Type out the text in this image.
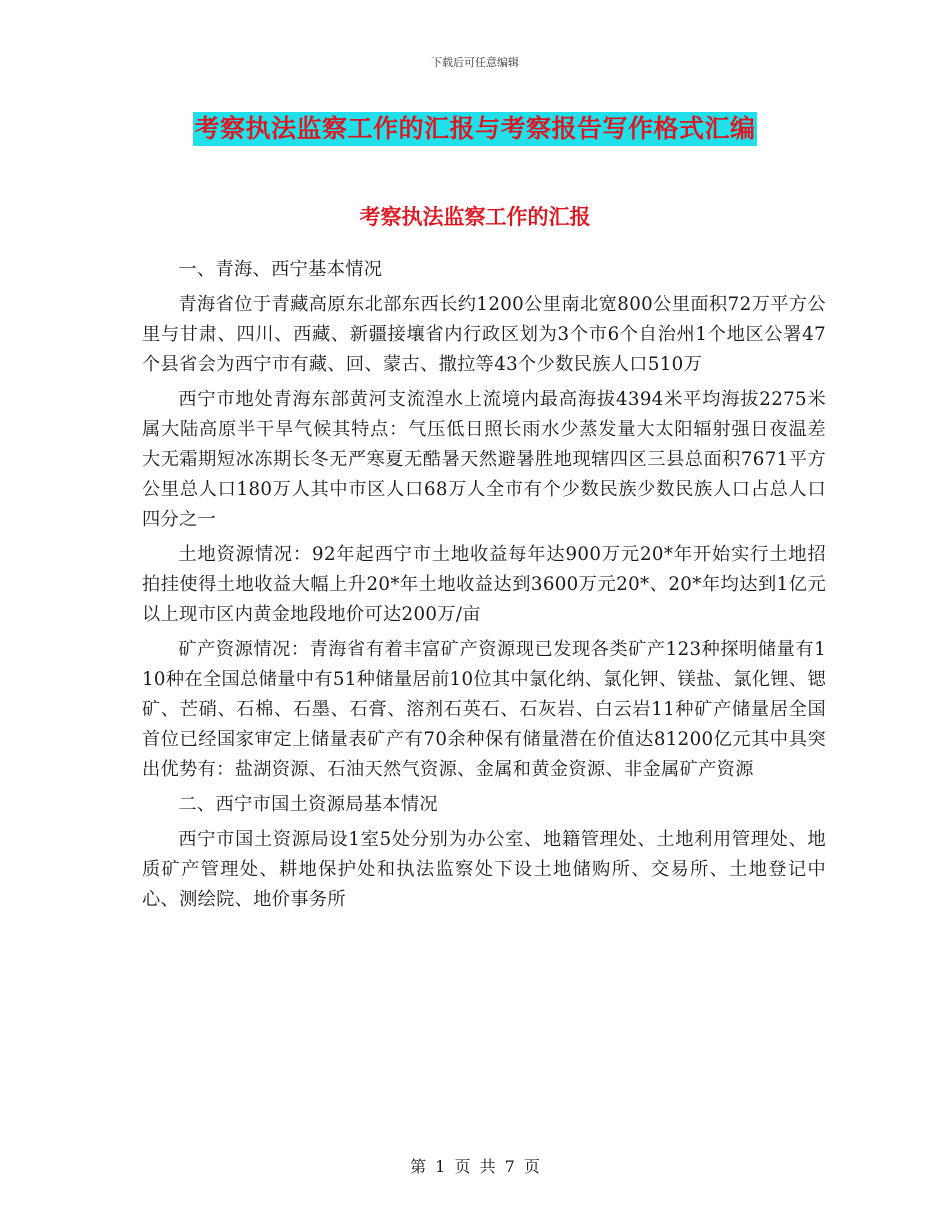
下载后可任意编辑
考察执法监察工作的汇报与考察报告写作格式汇编
考察执法监察工作的汇报

一、青海、西宁基本情况

青海省位于青藏高原东北部东西长约1200公里南北宽800公里面积72万平方公里与甘肃、四川、西藏、新疆接壤省内行政区划为3个市6个自治州1个地区公署47个县省会为西宁市有藏、回、蒙古、撒拉等43个少数民族人口510万

西宁市地处青海东部黄河支流湟水上流境内最高海拔4394米平均海拔2275米属大陆高原半干旱气候其特点：气压低日照长雨水少蒸发量大太阳辐射强日夜温差大无霜期短冰冻期长冬无严寒夏无酷暑天然避暑胜地现辖四区三县总面积7671平方公里总人口180万人其中市区人口68万人全市有个少数民族少数民族人口占总人口四分之一

土地资源情况：92年起西宁市土地收益每年达900万元20*年开始实行土地招拍挂使得土地收益大幅上升20*年土地收益达到3600万元20*、20*年均达到1亿元以上现市区内黄金地段地价可达200万/亩

矿产资源情况：青海省有着丰富矿产资源现已发现各类矿产123种探明储量有110种在全国总储量中有51种储量居前10位其中氯化纳、氯化钾、镁盐、氯化锂、锶矿、芒硝、石棉、石墨、石膏、溶剂石英石、石灰岩、白云岩11种矿产储量居全国首位已经国家审定上储量表矿产有70余种保有储量潜在价值达81200亿元其中具突出优势有：盐湖资源、石油天然气资源、金属和黄金资源、非金属矿产资源

二、西宁市国土资源局基本情况

西宁市国土资源局设1室5处分别为办公室、地籍管理处、土地利用管理处、地质矿产管理处、耕地保护处和执法监察处下设土地储购所、交易所、土地登记中心、测绘院、地价事务所

第 1 页 共 7 页
